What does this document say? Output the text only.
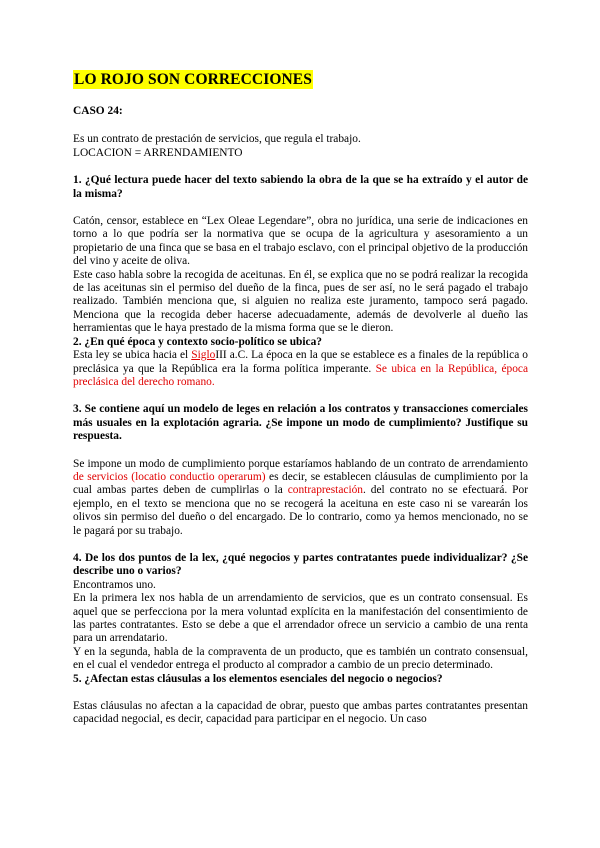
LO ROJO SON CORRECCIONES
CASO 24:
Es un contrato de prestación de servicios, que regula el trabajo.
LOCACION = ARRENDAMIENTO
1. ¿Qué lectura puede hacer del texto sabiendo la obra de la que se ha extraído y el autor de la misma?
Catón, censor, establece en “Lex Oleae Legendare”, obra no jurídica, una serie de indicaciones en torno a lo que podría ser la normativa que se ocupa de la agricultura y asesoramiento a un propietario de una finca que se basa en el trabajo esclavo, con el principal objetivo de la producción del vino y aceite de oliva.
Este caso habla sobre la recogida de aceitunas. En él, se explica que no se podrá realizar la recogida de las aceitunas sin el permiso del dueño de la finca, pues de ser así, no le será pagado el trabajo realizado. También menciona que, si alguien no realiza este juramento, tampoco será pagado. Menciona que la recogida deber hacerse adecuadamente, además de devolverle al dueño las herramientas que le haya prestado de la misma forma que se le dieron.
2. ¿En qué época y contexto socio-político se ubica?
Esta ley se ubica hacia el SigloIII a.C. La época en la que se establece es a finales de la república o preclásica ya que la República era la forma política imperante. Se ubica en la República, época preclásica del derecho romano.
3. Se contiene aquí un modelo de leges en relación a los contratos y transacciones comerciales más usuales en la explotación agraria. ¿Se impone un modo de cumplimiento? Justifique su respuesta.
Se impone un modo de cumplimiento porque estaríamos hablando de un contrato de arrendamiento de servicios (locatio conductio operarum) es decir, se establecen cláusulas de cumplimiento por la cual ambas partes deben de cumplirlas o la contraprestación. del contrato no se efectuará. Por ejemplo, en el texto se menciona que no se recogerá la aceituna en este caso ni se varearán los olivos sin permiso del dueño o del encargado. De lo contrario, como ya hemos mencionado, no se le pagará por su trabajo.
4. De los dos puntos de la lex, ¿qué negocios y partes contratantes puede individualizar? ¿Se describe uno o varios?
Encontramos uno.
En la primera lex nos habla de un arrendamiento de servicios, que es un contrato consensual. Es aquel que se perfecciona por la mera voluntad explícita en la manifestación del consentimiento de las partes contratantes. Esto se debe a que el arrendador ofrece un servicio a cambio de una renta para un arrendatario.
Y en la segunda, habla de la compraventa de un producto, que es también un contrato consensual, en el cual el vendedor entrega el producto al comprador a cambio de un precio determinado.
5. ¿Afectan estas cláusulas a los elementos esenciales del negocio o negocios?
Estas cláusulas no afectan a la capacidad de obrar, puesto que ambas partes contratantes presentan capacidad negocial, es decir, capacidad para participar en el negocio. Un caso
